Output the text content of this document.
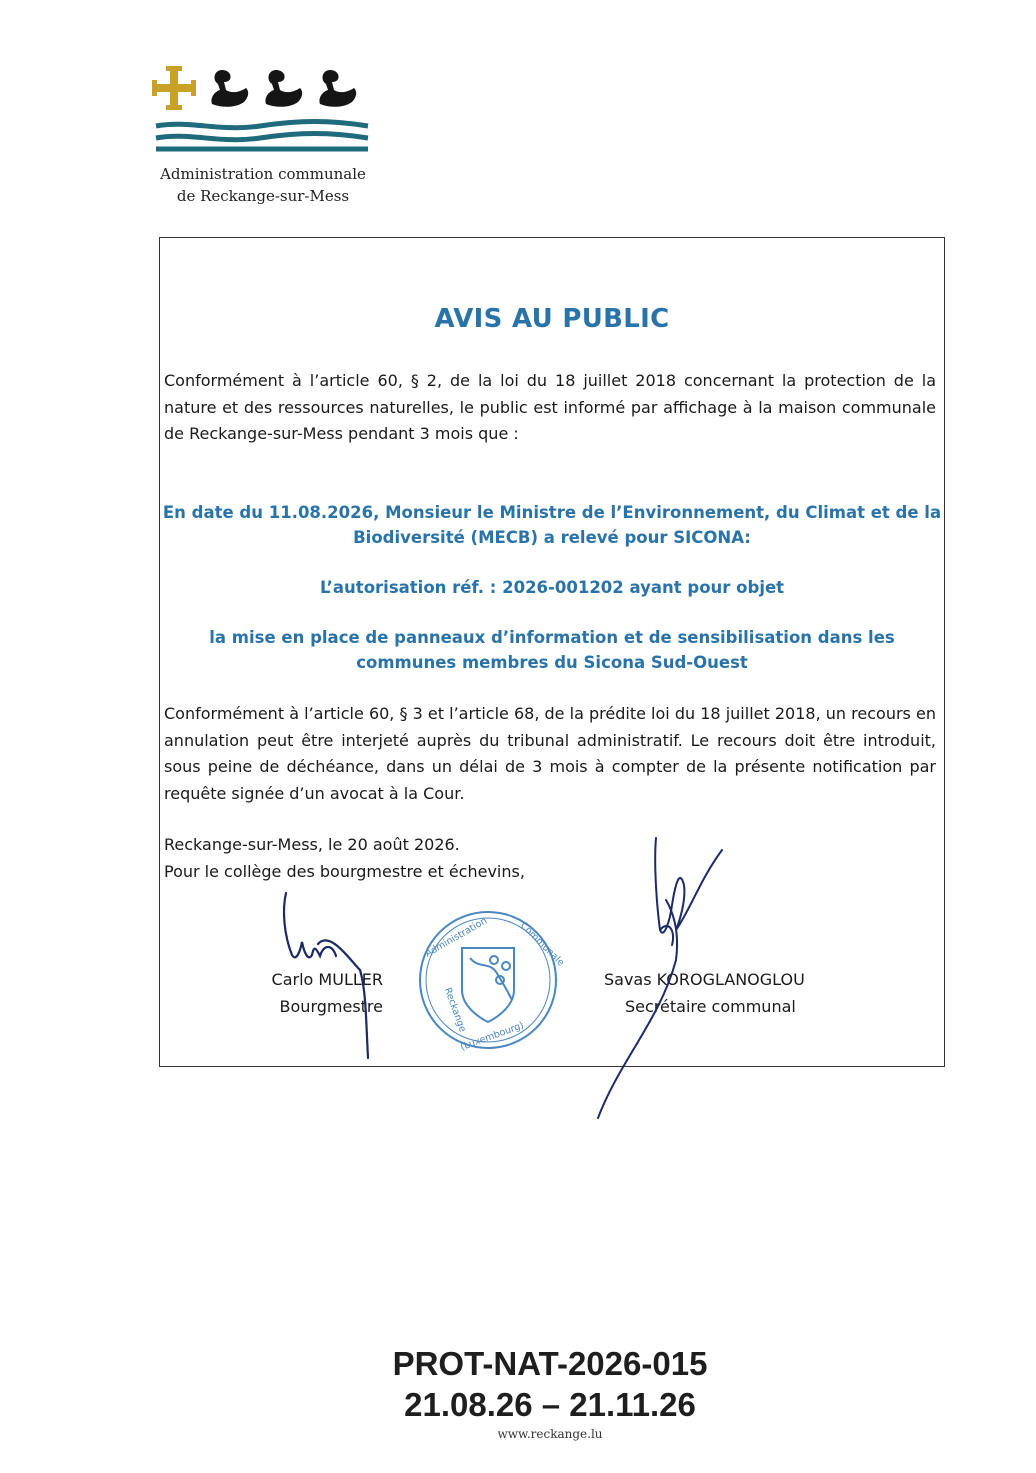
Administration communale
de Reckange-sur-Mess
AVIS AU PUBLIC

Conformément à l’article 60, § 2, de la loi du 18 juillet 2018 concernant la protection de la nature et des ressources naturelles, le public est informé par affichage à la maison communale de Reckange-sur-Mess pendant 3 mois que :

En date du 11.08.2026, Monsieur le Ministre de l’Environnement, du Climat et de la Biodiversité (MECB) a relevé pour SICONA:

L’autorisation réf. : 2026-001202 ayant pour objet

la mise en place de panneaux d’information et de sensibilisation dans les communes membres du Sicona Sud-Ouest

Conformément à l’article 60, § 3 et l’article 68, de la prédite loi du 18 juillet 2018, un recours en annulation peut être interjeté auprès du tribunal administratif. Le recours doit être introduit, sous peine de déchéance, dans un délai de 3 mois à compter de la présente notification par requête signée d’un avocat à la Cour.

Reckange-sur-Mess, le 20 août 2026.
Pour le collège des bourgmestre et échevins,

Carlo MULLER
Bourgmestre
Savas KOROGLANOGLOU
Secrétaire communal
Administration	Communale
Reckange
(Luxembourg)
PROT-NAT-2026-015
21.08.26 – 21.11.26
www.reckange.lu
